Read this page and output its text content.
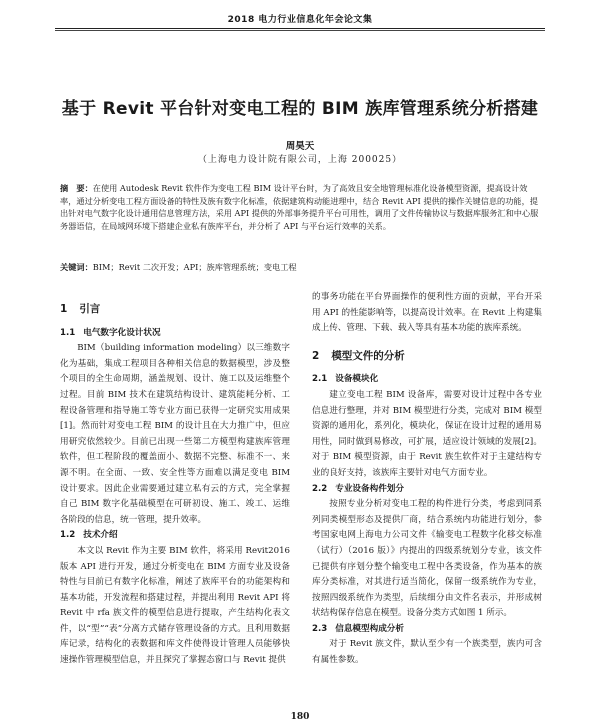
2018 电力行业信息化年会论文集
基于 Revit 平台针对变电工程的 BIM 族库管理系统分析搭建
周昊天
（上海电力设计院有限公司，上海 200025）
摘　要：在使用 Autodesk Revit 软件作为变电工程 BIM 设计平台时，为了高效且安全地管理标准化设备模型资源，提高设计效率，通过分析变电工程方面设备的特性及族有数字化标准，依据建筑构动能进理中，结合 Revit API 提供的操作关键信息的功能，提出针对电气数字化设计通用信息管理方法，采用 API 提供的外部事务提升平台可用性，调用了文件传输协议与数据库服务汇和中心服务器语信，在局域网环境下搭建企业私有族库平台，并分析了 API 与平台运行效率的关系。
关键词：BIM；Revit 二次开发；API；族库管理系统；变电工程
1 引言
1.1 电气数字化设计状况

BIM（building information modeling）以三维数字化为基础，集成工程项目各种相关信息的数据模型，涉及整个项目的全生命周期，涵盖规划、设计、施工以及运维整个过程。目前 BIM 技术在建筑结构设计、建筑能耗分析、工程设备管理和指导施工等专业方面已获得一定研究实用成果[1]。然而针对变电工程 BIM 的设计且在大力推广中，但应用研究依然较少。目前已出现一些第二方模型构建族库管理软件，但工程阶段的覆盖面小、数据不完整、标准不一、来源不明。在全面、一致、安全性等方面难以满足变电 BIM 设计要求。因此企业需要通过建立私有云的方式，完全掌握自己 BIM 数字化基础模型在可研初设、施工、竣工、运维各阶段的信息，统一管理，提升效率。

1.2 技术介绍

本文以 Revit 作为主要 BIM 软件，将采用 Revit2016 版本 API 进行开发，通过分析变电在 BIM 方面专业及设备特性与目前已有数字化标准，阐述了族库平台的功能架构和基本功能，开发流程和搭建过程，并提出利用 Revit API 将 Revit 中 rfa 族文件的模型信息进行提取，产生结构化表文件，以“型”“表”分离方式储存管理设备的方式。且利用数据库记录，结构化的表数据和库文件使得设计管理人员能够快速操作管理模型信息，并且探究了掌握态窗口与 Revit 提供

的事务功能在平台界面操作的便利性方面的贡献，平台开采用 API 的性能影响等，以提高设计效率。在 Revit 上构建集成上传、管理、下载、载入等具有基本功能的族库系统。

2 模型文件的分析
2.1 设备模块化

建立变电工程 BIM 设备库，需要对设计过程中各专业信息进行整理，并对 BIM 模型进行分类，完成对 BIM 模型资源的通用化，系列化，模块化，保证在设计过程的通用易用性，同时做到易修改，可扩展，适应设计领域的发展[2]。对于 BIM 模型资源，由于 Revit 族生软件对于主建结构专业的良好支持，该族库主要针对电气方面专业。

2.2 专业设备构件划分

按照专业分析对变电工程的构件进行分类，考虑到同系列同类模型形态及提供厂商，结合系统内功能进行划分，参考国家电网上海电力公司文件《输变电工程数字化移交标准（试行）（2016 版）》内提出的四级系统划分专业，该文件已提供有序划分整个输变电工程中各类设备，作为基本的族库分类标准，对其进行适当简化，保留一级系统作为专业，按照四级系统作为类型，后续细分由文件名表示，并形成树状结构保存信息在模型。设备分类方式如图 1 所示。

2.3 信息模型构成分析

对于 Revit 族文件，默认至少有一个族类型，族内可含有属性参数。

180
